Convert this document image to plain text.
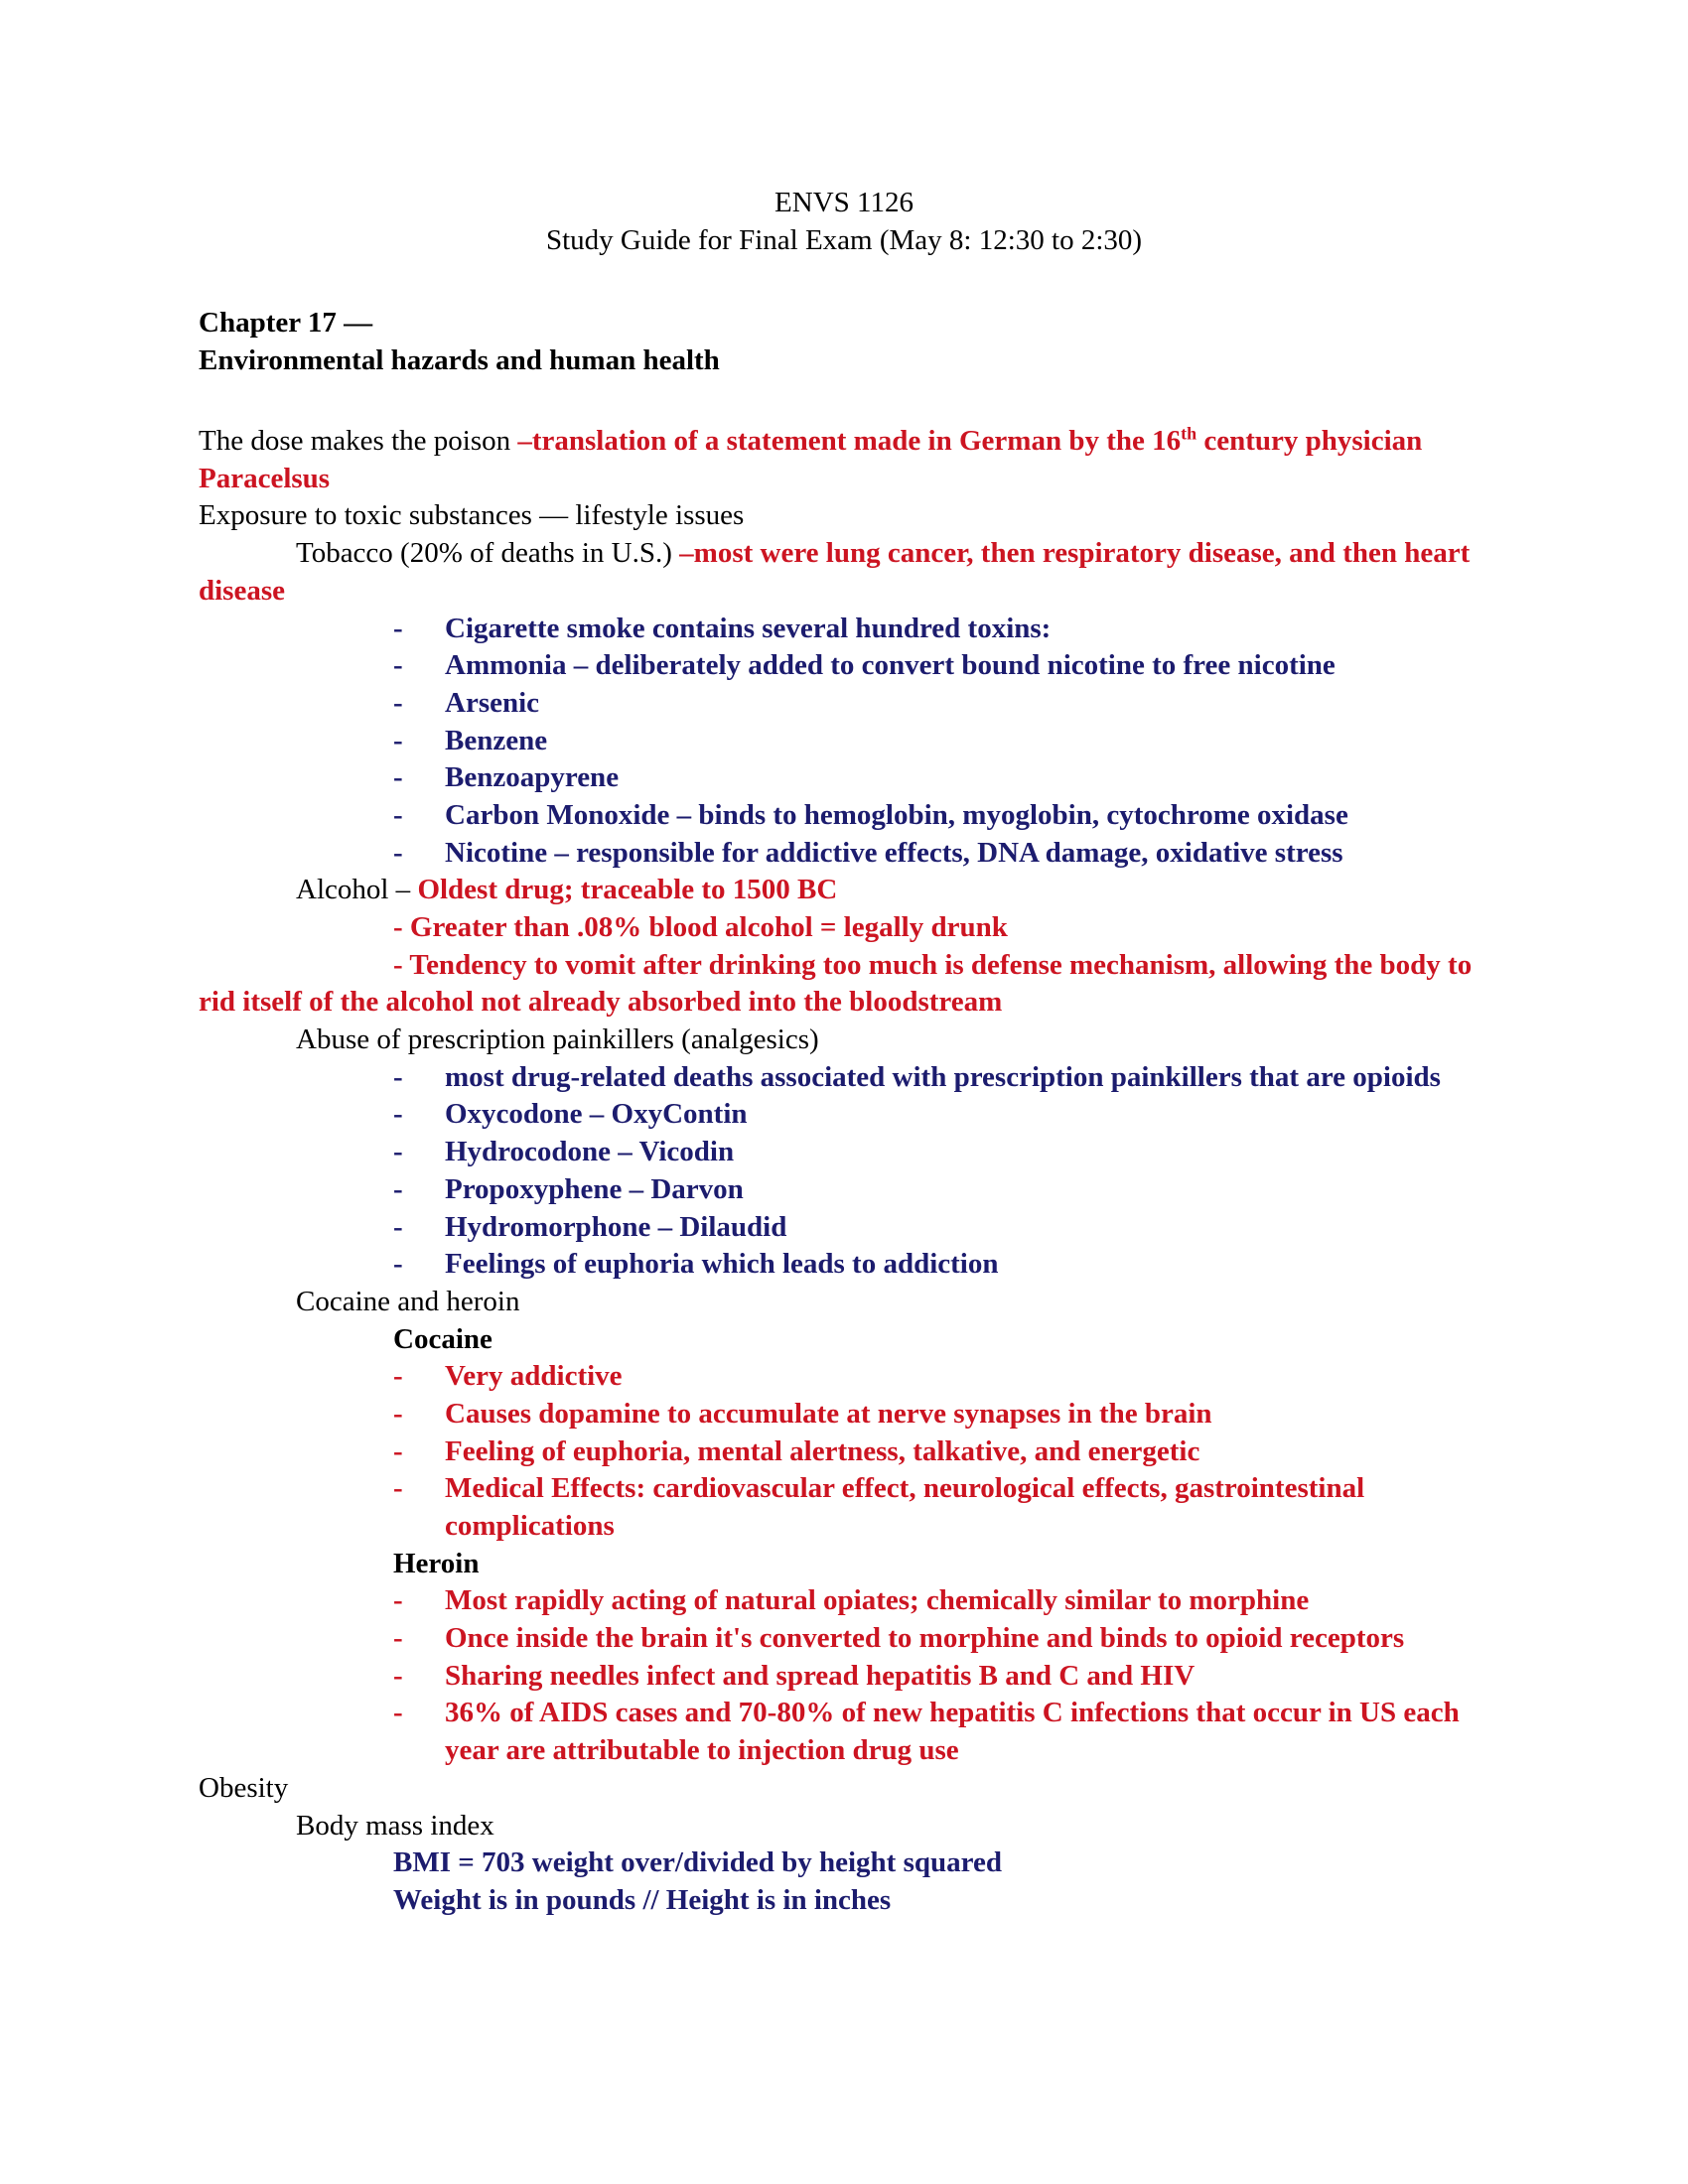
ENVS 1126
Study Guide for Final Exam (May 8: 12:30 to 2:30)
Chapter 17 —
Environmental hazards and human health

The dose makes the poison –translation of a statement made in German by the 16th century physician Paracelsus

Exposure to toxic substances — lifestyle issues

Tobacco (20% of deaths in U.S.) –most were lung cancer, then respiratory disease, and then heart disease

-	Cigarette smoke contains several hundred toxins:
-	Ammonia – deliberately added to convert bound nicotine to free nicotine
-	Arsenic
-	Benzene
-	Benzoapyrene
-	Carbon Monoxide – binds to hemoglobin, myoglobin, cytochrome oxidase
-	Nicotine – responsible for addictive effects, DNA damage, oxidative stress

Alcohol – Oldest drug; traceable to 1500 BC

- Greater than .08% blood alcohol = legally drunk

- Tendency to vomit after drinking too much is defense mechanism, allowing the body to rid itself of the alcohol not already absorbed into the bloodstream

Abuse of prescription painkillers (analgesics)

-	most drug-related deaths associated with prescription painkillers that are opioids
-	Oxycodone – OxyContin
-	Hydrocodone – Vicodin
-	Propoxyphene – Darvon
-	Hydromorphone – Dilaudid
-	Feelings of euphoria which leads to addiction

Cocaine and heroin

Cocaine

-	Very addictive
-	Causes dopamine to accumulate at nerve synapses in the brain
-	Feeling of euphoria, mental alertness, talkative, and energetic
-	Medical Effects: cardiovascular effect, neurological effects, gastrointestinal complications

Heroin

-	Most rapidly acting of natural opiates; chemically similar to morphine
-	Once inside the brain it's converted to morphine and binds to opioid receptors
-	Sharing needles infect and spread hepatitis B and C and HIV
-	36% of AIDS cases and 70-80% of new hepatitis C infections that occur in US each year are attributable to injection drug use

Obesity

Body mass index

BMI = 703 weight over/divided by height squared

Weight is in pounds // Height is in inches
